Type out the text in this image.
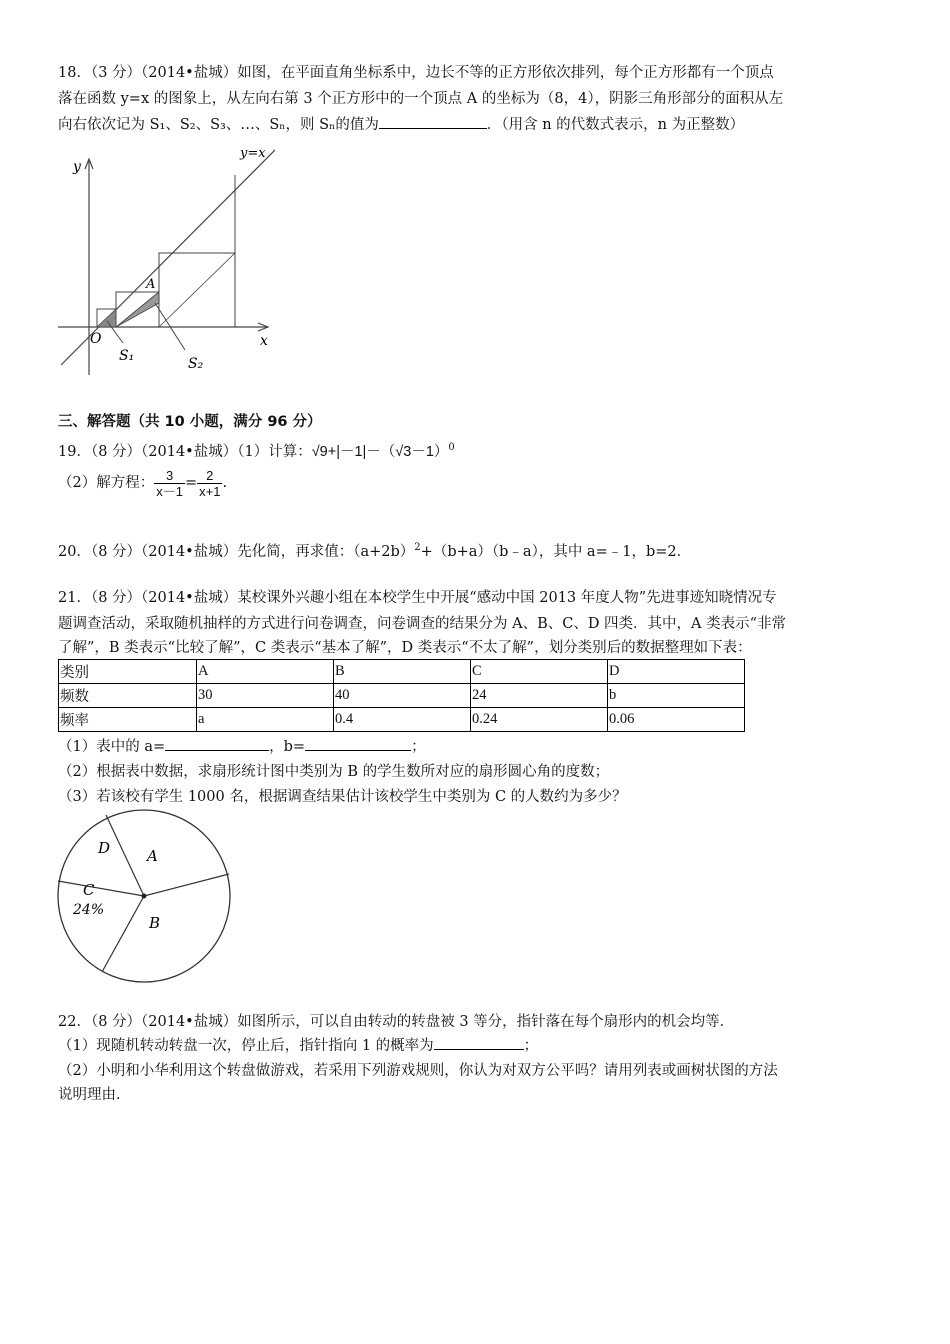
18．（3 分）（2014•盐城）如图，在平面直角坐标系中，边长不等的正方形依次排列，每个正方形都有一个顶点
落在函数 y=x 的图象上，从左向右第 3 个正方形中的一个顶点 A 的坐标为（8，4），阴影三角形部分的面积从左
向右依次记为 S₁、S₂、S₃、…、Sₙ，则 Sₙ的值为	．（用含 n 的代数式表示，n 为正整数）
y
x
y=x
O
A
S₁	S₂
三、解答题（共 10 小题，满分 96 分）
19．（8 分）（2014•盐城）（1）计算：$√9+|-1|-(√3-1)^0$
（2）解方程： $\frac{3}{x-1} = \frac{2}{x+1}$ .
20．（8 分）（2014•盐城）先化简，再求值：$(a+2b)^2+(b+a)(b﹣a)$，其中 a=﹣1，b=2．
21．（8 分）（2014•盐城）某校课外兴趣小组在本校学生中开展“感动中国 2013 年度人物”先进事迹知晓情况专
题调查活动，采取随机抽样的方式进行问卷调查，问卷调查的结果分为 A、B、C、D 四类．其中，A 类表示“非常
了解”，B 类表示“比较了解”，C 类表示“基本了解”，D 类表示“不太了解”，划分类别后的数据整理如下表：
类别	A	B	C	D
频数	30	40	24	b
频率	a	0.4	0.24	0.06
（1）表中的 a=	，b=	；
（2）根据表中数据，求扇形统计图中类别为 B 的学生数所对应的扇形圆心角的度数；
（3）若该校有学生 1000 名，根据调查结果估计该校学生中类别为 C 的人数约为多少？
D A
C
24%
B
22．（8 分）（2014•盐城）如图所示，可以自由转动的转盘被 3 等分，指针落在每个扇形内的机会均等．
（1）现随机转动转盘一次，停止后，指针指向 1 的概率为	；
（2）小明和小华利用这个转盘做游戏，若采用下列游戏规则，你认为对双方公平吗？请用列表或画树状图的方法
说明理由．
